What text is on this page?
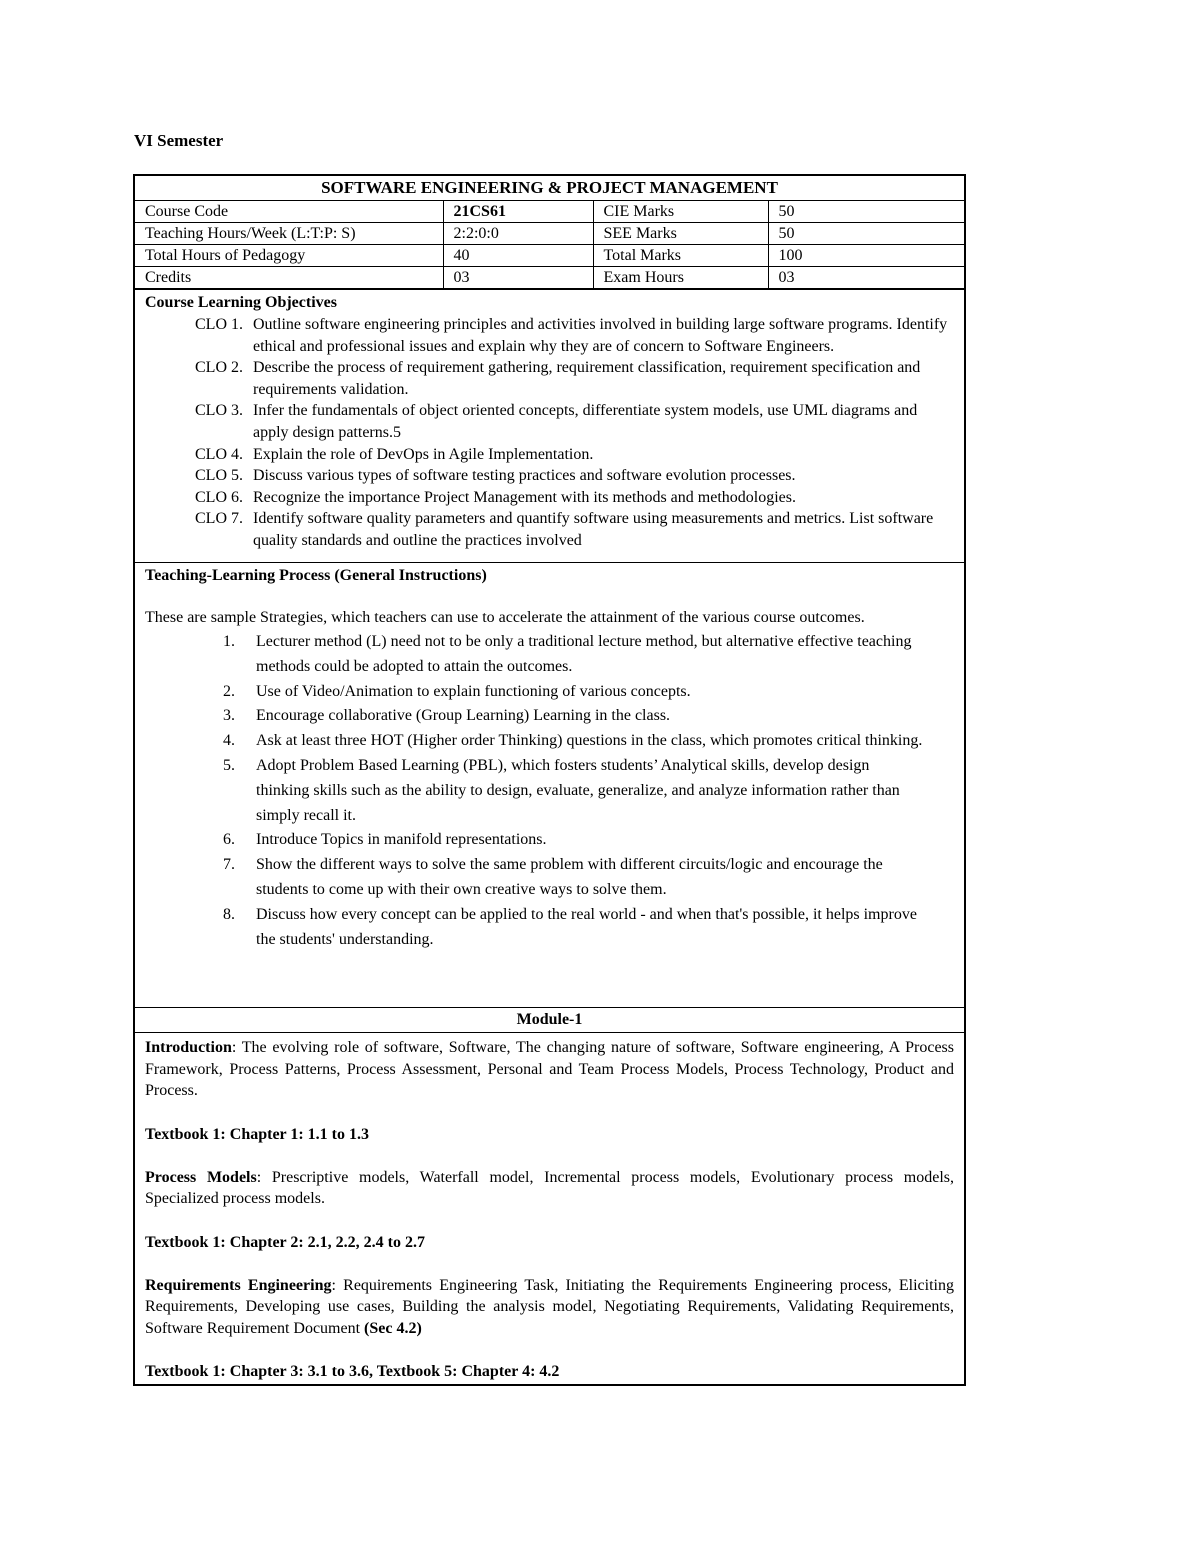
VI Semester
SOFTWARE ENGINEERING & PROJECT MANAGEMENT
Course Code	21CS61	CIE Marks	50
Teaching Hours/Week (L:T:P: S)	2:2:0:0	SEE Marks	50
Total Hours of Pedagogy	40	Total Marks	100
Credits	03	Exam Hours	03
Course Learning Objectives
CLO 1. Outline software engineering principles and activities involved in building large software programs. Identify ethical and professional issues and explain why they are of concern to Software Engineers.
CLO 2. Describe the process of requirement gathering, requirement classification, requirement specification and requirements validation.
CLO 3. Infer the fundamentals of object oriented concepts, differentiate system models, use UML diagrams and apply design patterns.5
CLO 4. Explain the role of DevOps in Agile Implementation.
CLO 5. Discuss various types of software testing practices and software evolution processes.
CLO 6. Recognize the importance Project Management with its methods and methodologies.
CLO 7. Identify software quality parameters and quantify software using measurements and metrics. List software quality standards and outline the practices involved
Teaching-Learning Process (General Instructions)

These are sample Strategies, which teachers can use to accelerate the attainment of the various course outcomes.

1.	Lecturer method (L) need not to be only a traditional lecture method, but alternative effective teaching methods could be adopted to attain the outcomes.
2.	Use of Video/Animation to explain functioning of various concepts.
3.	Encourage collaborative (Group Learning) Learning in the class.
4.	Ask at least three HOT (Higher order Thinking) questions in the class, which promotes critical thinking.
5.	Adopt Problem Based Learning (PBL), which fosters students’ Analytical skills, develop design thinking skills such as the ability to design, evaluate, generalize, and analyze information rather than simply recall it.
6.	Introduce Topics in manifold representations.
7.	Show the different ways to solve the same problem with different circuits/logic and encourage the students to come up with their own creative ways to solve them.
8.	Discuss how every concept can be applied to the real world - and when that's possible, it helps improve the students' understanding.
Module-1

Introduction: The evolving role of software, Software, The changing nature of software, Software engineering, A Process Framework, Process Patterns, Process Assessment, Personal and Team Process Models, Process Technology, Product and Process.

Textbook 1: Chapter 1: 1.1 to 1.3

Process Models: Prescriptive models, Waterfall model, Incremental process models, Evolutionary process models, Specialized process models.

Textbook 1: Chapter 2: 2.1, 2.2, 2.4 to 2.7

Requirements Engineering: Requirements Engineering Task, Initiating the Requirements Engineering process, Eliciting Requirements, Developing use cases, Building the analysis model, Negotiating Requirements, Validating Requirements, Software Requirement Document (Sec 4.2)

Textbook 1: Chapter 3: 3.1 to 3.6, Textbook 5: Chapter 4: 4.2
